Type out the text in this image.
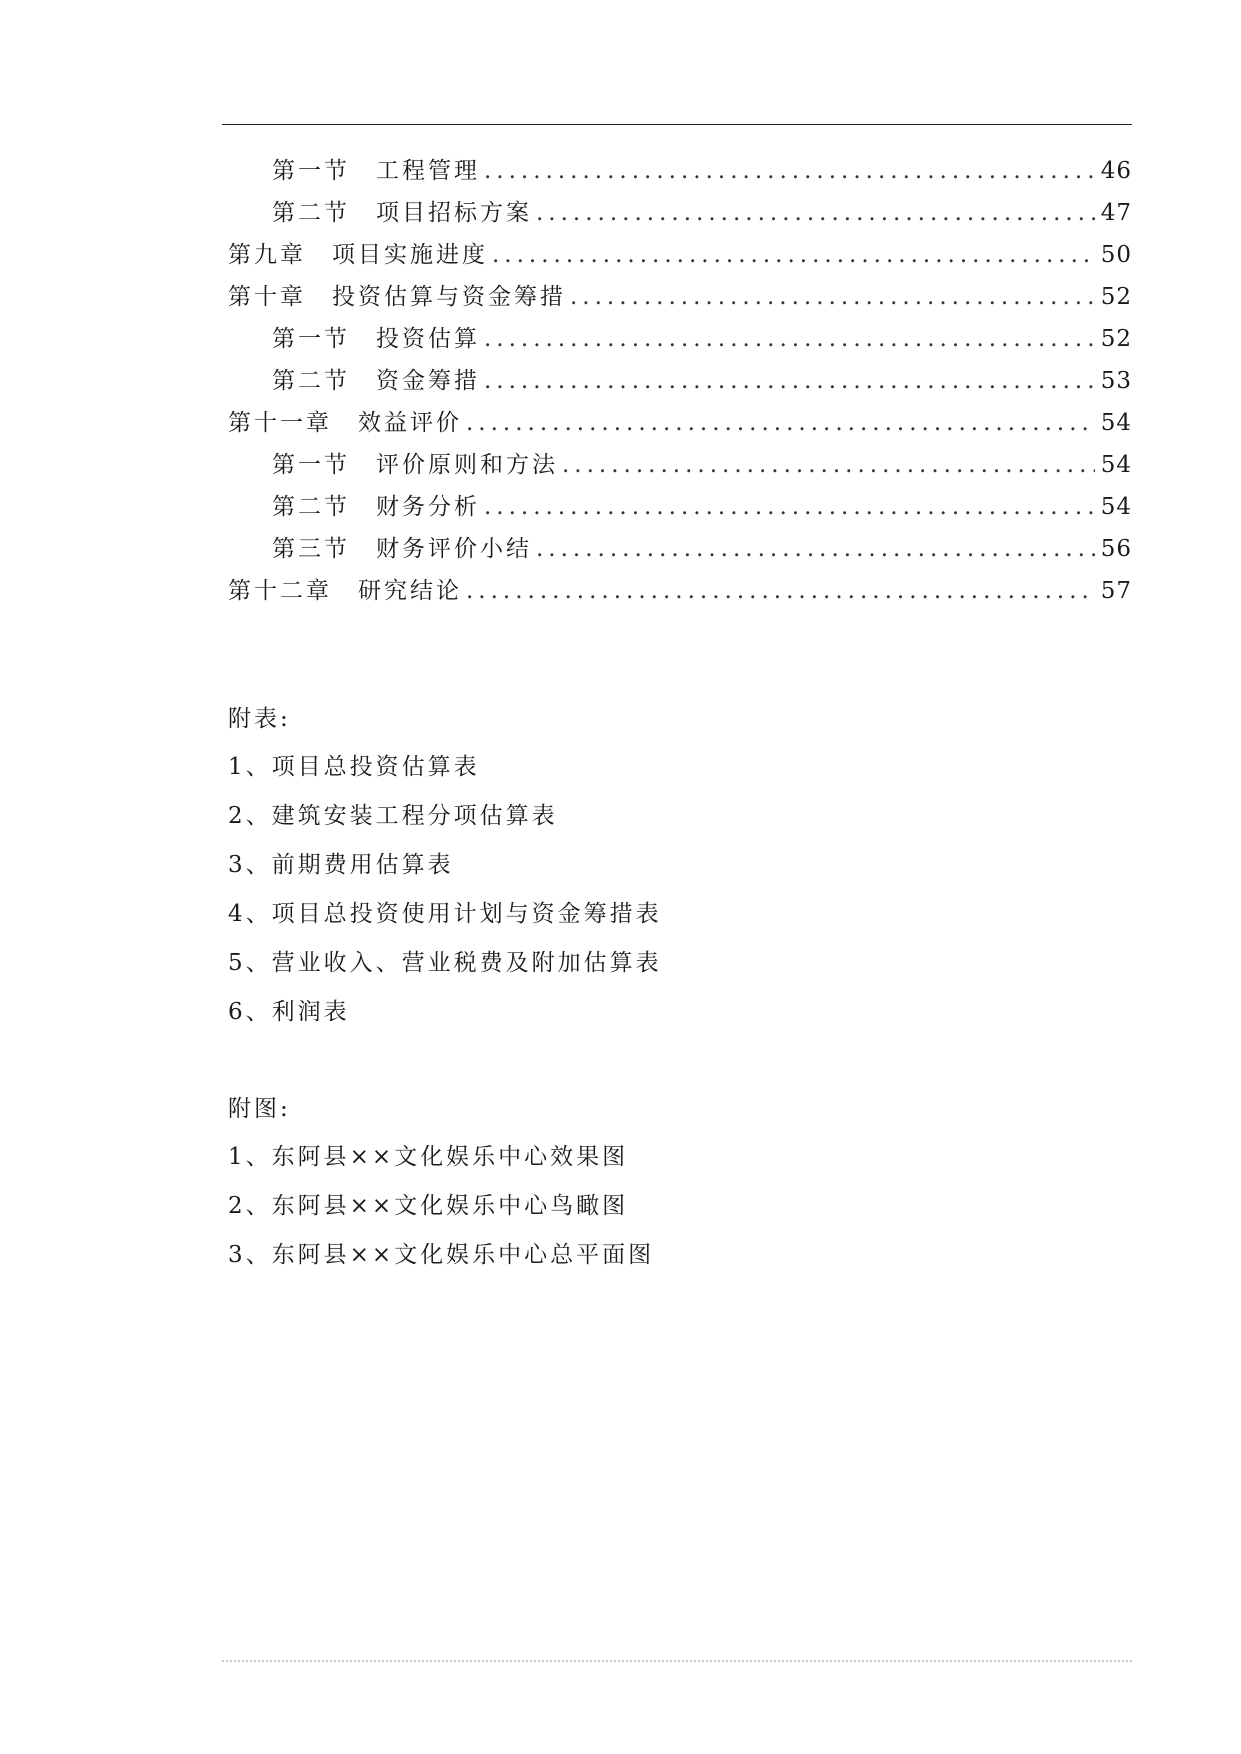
第一节 工程管理 .....	46
第二节 项目招标方案 .....	47
第九章 项目实施进度 .....	50
第十章 投资估算与资金筹措 .....	52
第一节 投资估算 .....	52
第二节 资金筹措 .....	53
第十一章 效益评价 .....	54
第一节 评价原则和方法 .....	54
第二节 财务分析 .....	54
第三节 财务评价小结 .....	56
第十二章 研究结论 .....	57
附表:
1、项目总投资估算表
2、建筑安装工程分项估算表
3、前期费用估算表
4、项目总投资使用计划与资金筹措表
5、营业收入、营业税费及附加估算表
6、利润表
附图:
1、东阿县××文化娱乐中心效果图
2、东阿县××文化娱乐中心鸟瞰图
3、东阿县××文化娱乐中心总平面图
